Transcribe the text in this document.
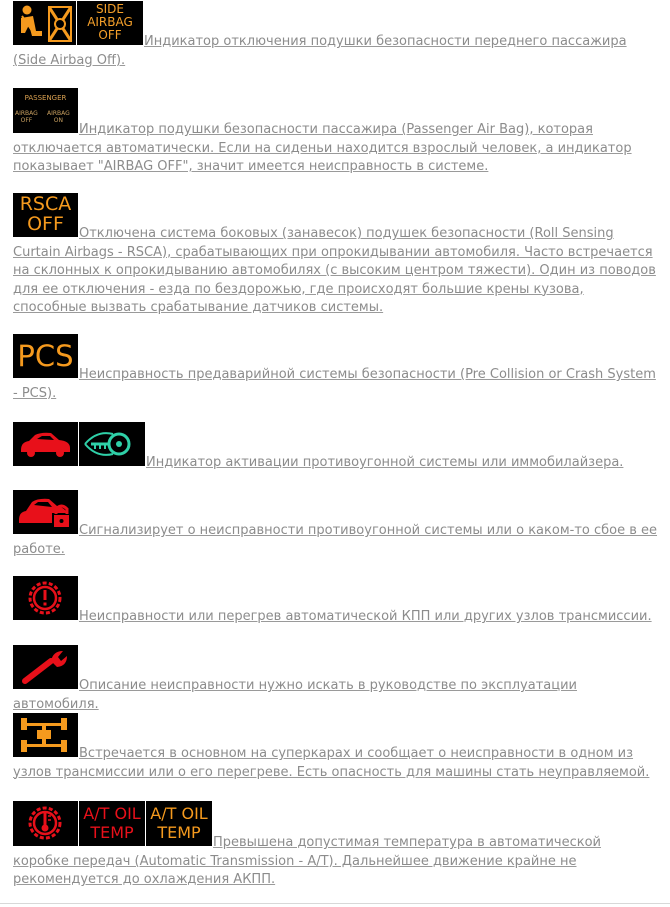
SIDE
AIRBAG
OFF	Индикатор отключения подушки безопасности переднего пассажира (Side Airbag Off).

PASSENGER
AIRBAG
OFF
AIRBAG
ON
Индикатор подушки безопасности пассажира (Passenger Air Bag), которая отключается автоматически. Если на сиденьи находится взрослый человек, а индикатор показывает "AIRBAG OFF", значит имеется неисправность в системе.

RSCA
OFF	Отключена система боковых (занавесок) подушек безопасности (Roll Sensing Curtain Airbags - RSCA), срабатывающих при опрокидывании автомобиля. Часто встречается на склонных к опрокидыванию автомобилях (с высоким центром тяжести). Один из поводов для ее отключения - езда по бездорожью, где происходят большие крены кузова, способные вызвать срабатывание датчиков системы.

PCS
Неисправность предаварийной системы безопасности (Pre Collision or Crash System - PCS).

Индикатор активации противоугонной системы или иммобилайзера.

Сигнализирует о неисправности противоугонной системы или о каком-то сбое в ее работе.

Неисправности или перегрев автоматической КПП или других узлов трансмиссии.

Описание неисправности нужно искать в руководстве по эксплуатации автомобиля.

Встречается в основном на суперкарах и сообщает о неисправности в одном из узлов трансмиссии или о его перегреве. Есть опасность для машины стать неуправляемой.

A/T OIL
TEMP
A/T OIL
TEMP
Превышена допустимая температура в автоматической коробке передач (Automatic Transmission - A/T). Дальнейшее движение крайне не рекомендуется до охлаждения АКПП.
